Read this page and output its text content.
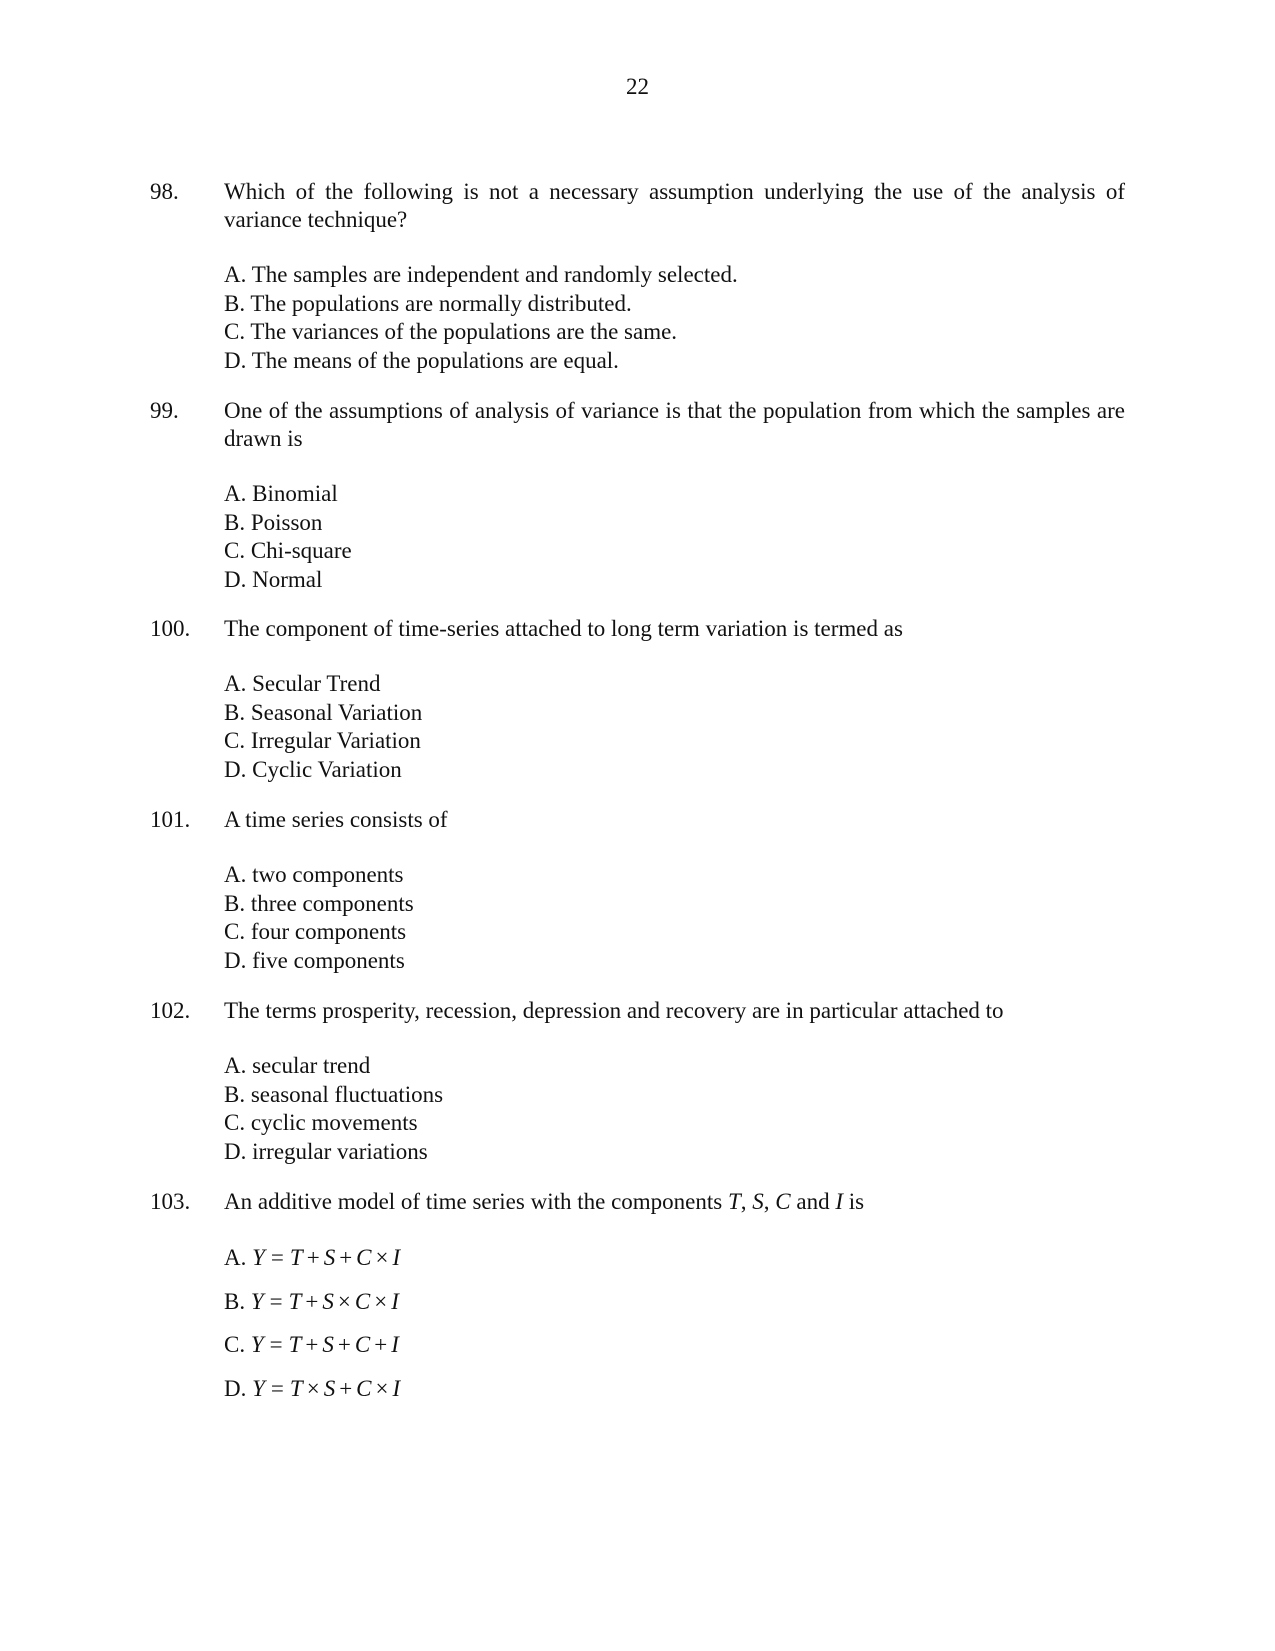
22
98. Which of the following is not a necessary assumption underlying the use of the analysis of variance technique?
A. The samples are independent and randomly selected.
B. The populations are normally distributed.
C. The variances of the populations are the same.
D. The means of the populations are equal.
99. One of the assumptions of analysis of variance is that the population from which the samples are drawn is
A. Binomial
B. Poisson
C. Chi-square
D. Normal
100. The component of time-series attached to long term variation is termed as
A. Secular Trend
B. Seasonal Variation
C. Irregular Variation
D. Cyclic Variation
101. A time series consists of
A. two components
B. three components
C. four components
D. five components
102. The terms prosperity, recession, depression and recovery are in particular attached to
A. secular trend
B. seasonal fluctuations
C. cyclic movements
D. irregular variations
103. An additive model of time series with the components T, S, C and I is
A. Y = T + S + C × I
B. Y = T + S × C × I
C. Y = T + S + C + I
D. Y = T × S + C × I
